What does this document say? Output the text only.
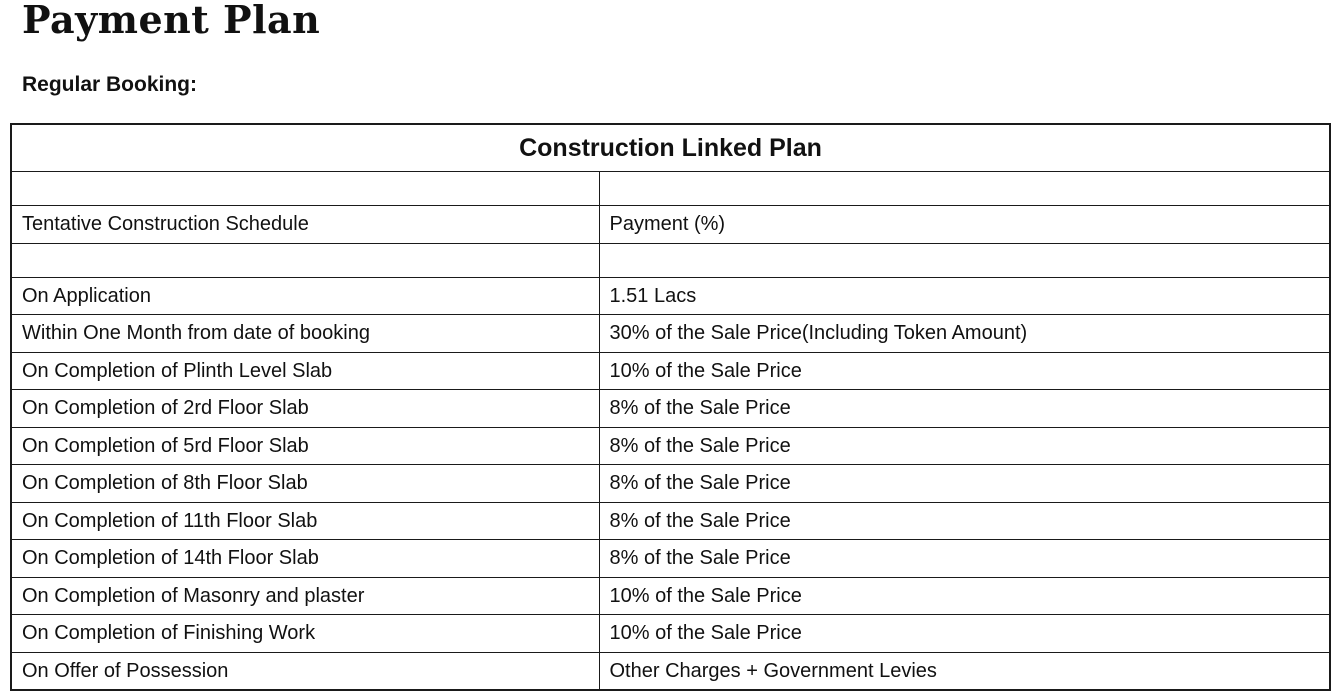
Payment Plan
Regular Booking:
Construction Linked Plan	

Tentative Construction Schedule	Payment (%)

On Application	1.51 Lacs
Within One Month from date of booking	30% of the Sale Price(Including Token Amount)
On Completion of Plinth Level Slab	10% of the Sale Price
On Completion of 2rd Floor Slab	8% of the Sale Price
On Completion of 5rd Floor Slab	8% of the Sale Price
On Completion of 8th Floor Slab	8% of the Sale Price
On Completion of 11th Floor Slab	8% of the Sale Price
On Completion of 14th Floor Slab	8% of the Sale Price
On Completion of Masonry and plaster	10% of the Sale Price
On Completion of Finishing Work	10% of the Sale Price
On Offer of Possession	Other Charges + Government Levies
